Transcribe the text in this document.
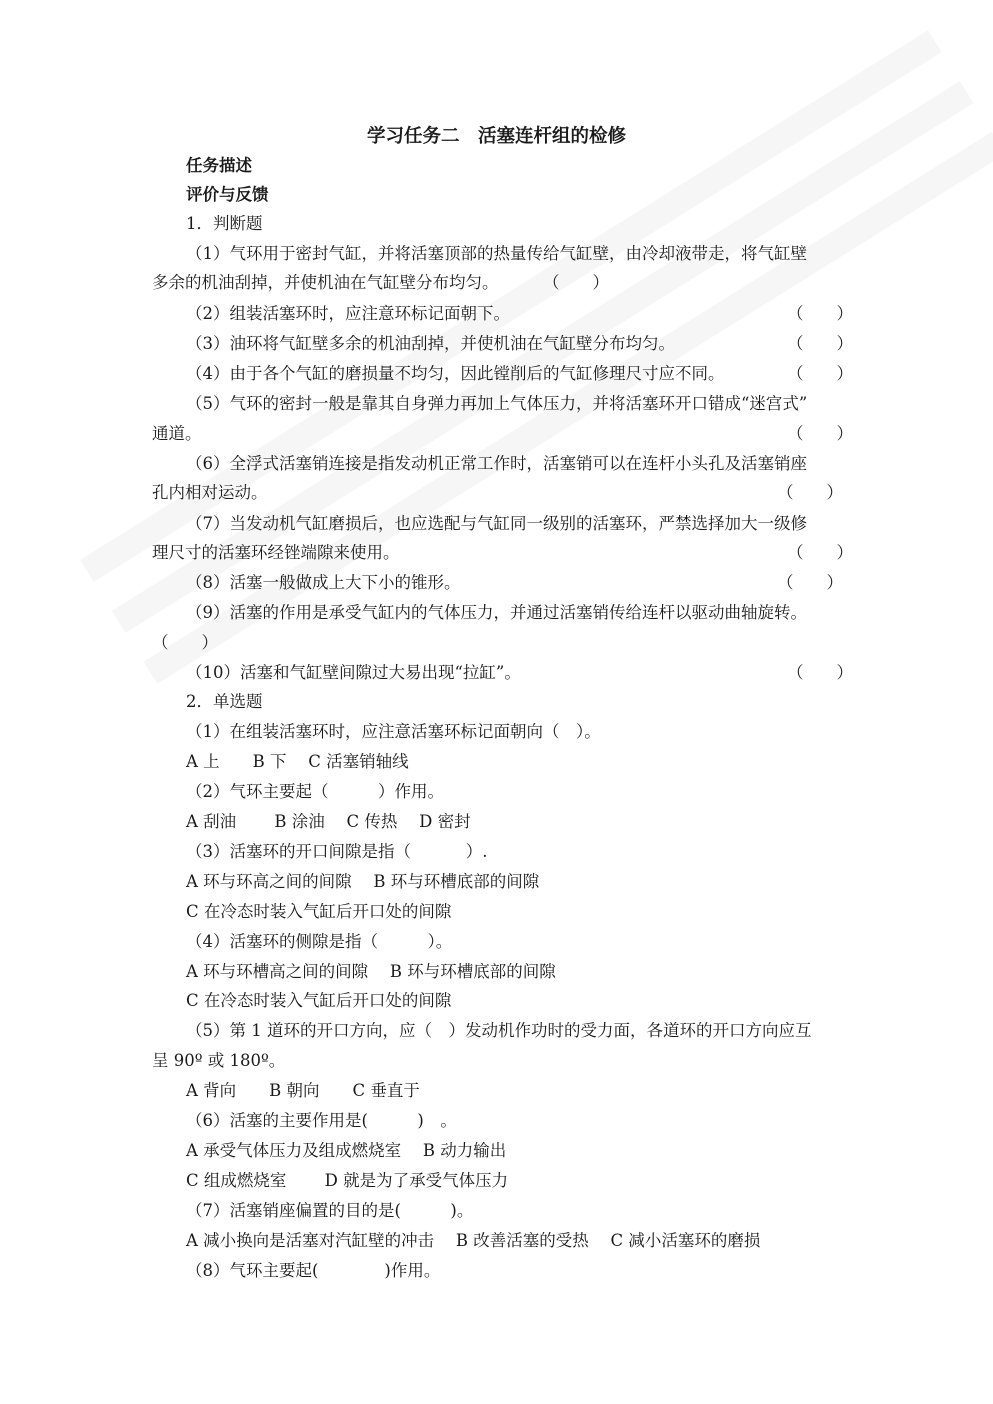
学习任务二　活塞连杆组的检修
任务描述
评价与反馈
1．判断题
（1）气环用于密封气缸，并将活塞顶部的热量传给气缸壁，由冷却液带走，将气缸壁
多余的机油刮掉，并使机油在气缸壁分布均匀。	（　　）
（2）组装活塞环时，应注意环标记面朝下。	（　　）
（3）油环将气缸壁多余的机油刮掉，并使机油在气缸壁分布均匀。	（　　）
（4）由于各个气缸的磨损量不均匀，因此镗削后的气缸修理尺寸应不同。	（　　）
（5）气环的密封一般是靠其自身弹力再加上气体压力，并将活塞环开口错成“迷宫式”
通道。	（　　）
（6）全浮式活塞销连接是指发动机正常工作时，活塞销可以在连杆小头孔及活塞销座
孔内相对运动。	（　　）
（7）当发动机气缸磨损后，也应选配与气缸同一级别的活塞环，严禁选择加大一级修
理尺寸的活塞环经锉端隙来使用。	（　　）
（8）活塞一般做成上大下小的锥形。	（　　）
（9）活塞的作用是承受气缸内的气体压力，并通过活塞销传给连杆以驱动曲轴旋转。
（　　）
（10）活塞和气缸壁间隙过大易出现“拉缸”。	（　　）
2．单选题
（1）在组装活塞环时，应注意活塞环标记面朝向（　）。
A 上　　B 下　 C 活塞销轴线
（2）气环主要起（　　　）作用。
A 刮油　　 B 涂油　 C 传热　 D 密封
（3）活塞环的开口间隙是指（　　　 ）.
A 环与环高之间的间隙　 B 环与环槽底部的间隙
C 在冷态时装入气缸后开口处的间隙
（4）活塞环的侧隙是指（　　　）。
A 环与环槽高之间的间隙　 B 环与环槽底部的间隙
C 在冷态时装入气缸后开口处的间隙
（5）第 1 道环的开口方向，应（　）发动机作功时的受力面，各道环的开口方向应互
呈 90º 或 180º。
A 背向　　B 朝向　　C 垂直于
（6）活塞的主要作用是(　　　)　。
A 承受气体压力及组成燃烧室　 B 动力输出
C 组成燃烧室　　 D 就是为了承受气体压力
（7）活塞销座偏置的目的是(　　　)。
A 减小换向是活塞对汽缸壁的冲击　 B 改善活塞的受热　 C 减小活塞环的磨损
（8）气环主要起(　　　　)作用。
